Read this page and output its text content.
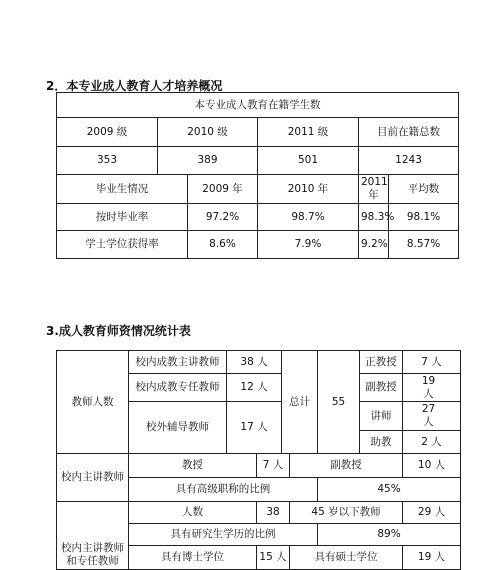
2．本专业成人教育人才培养概况

本专业成人教育在籍学生数					
2009 级	2010 级		2011 级	目前在籍总数	
353	389		501	1243	
毕业生情况		2009 年	2010 年	2011 年	平均数
按时毕业率		97.2%	98.7%	98.3%	98.1%
学士学位获得率		8.6%	7.9%	9.2%	8.57%

3.成人教育师资情况统计表

教师人数	校内成教主讲教师	38 人		总计		55	正教授	7 人
	校内成教专任教师	12 人					副教授	19 人
	校外辅导教师	17 人					讲师	27 人
							助教	2 人
校内主讲教师	教授		7 人		副教授			10 人
	具有高级职称的比例					45%		
校内主讲教师和专任教师	人数		38		45 岁以下教师			29 人
	具有研究生学历的比例					89%		
	具有博士学位		15 人		具有硕士学位			19 人
